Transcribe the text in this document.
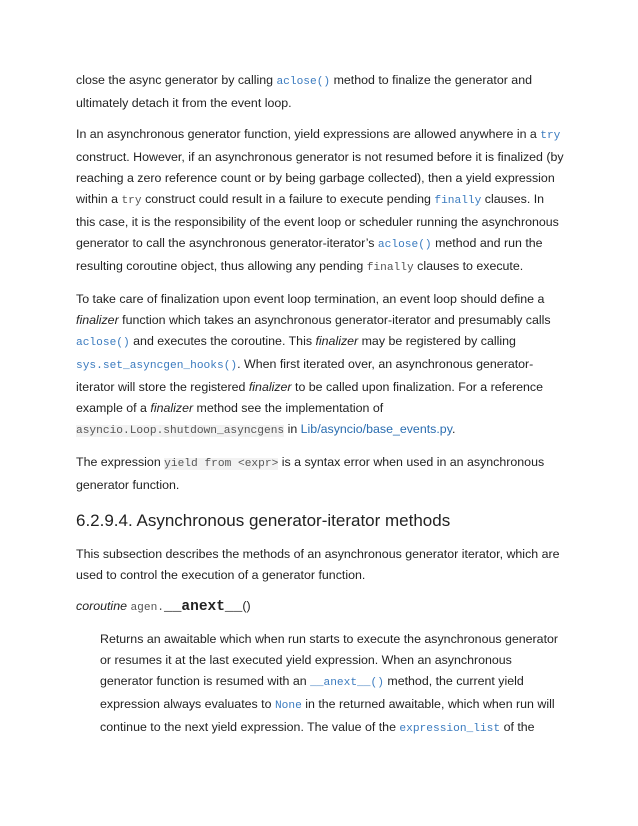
close the async generator by calling aclose() method to finalize the generator and ultimately detach it from the event loop.

In an asynchronous generator function, yield expressions are allowed anywhere in a try construct. However, if an asynchronous generator is not resumed before it is finalized (by reaching a zero reference count or by being garbage collected), then a yield expression within a try construct could result in a failure to execute pending finally clauses. In this case, it is the responsibility of the event loop or scheduler running the asynchronous generator to call the asynchronous generator-iterator’s aclose() method and run the resulting coroutine object, thus allowing any pending finally clauses to execute.

To take care of finalization upon event loop termination, an event loop should define a finalizer function which takes an asynchronous generator-iterator and presumably calls aclose() and executes the coroutine. This finalizer may be registered by calling sys.set_asyncgen_hooks(). When first iterated over, an asynchronous generator-iterator will store the registered finalizer to be called upon finalization. For a reference example of a finalizer method see the implementation of asyncio.Loop.shutdown_asyncgens in Lib/asyncio/base_events.py.

The expression yield from <expr> is a syntax error when used in an asynchronous generator function.

6.2.9.4. Asynchronous generator-iterator methods

This subsection describes the methods of an asynchronous generator iterator, which are used to control the execution of a generator function.

coroutine agen.__anext__()

Returns an awaitable which when run starts to execute the asynchronous generator or resumes it at the last executed yield expression. When an asynchronous generator function is resumed with an __anext__() method, the current yield expression always evaluates to None in the returned awaitable, which when run will continue to the next yield expression. The value of the expression_list of the
